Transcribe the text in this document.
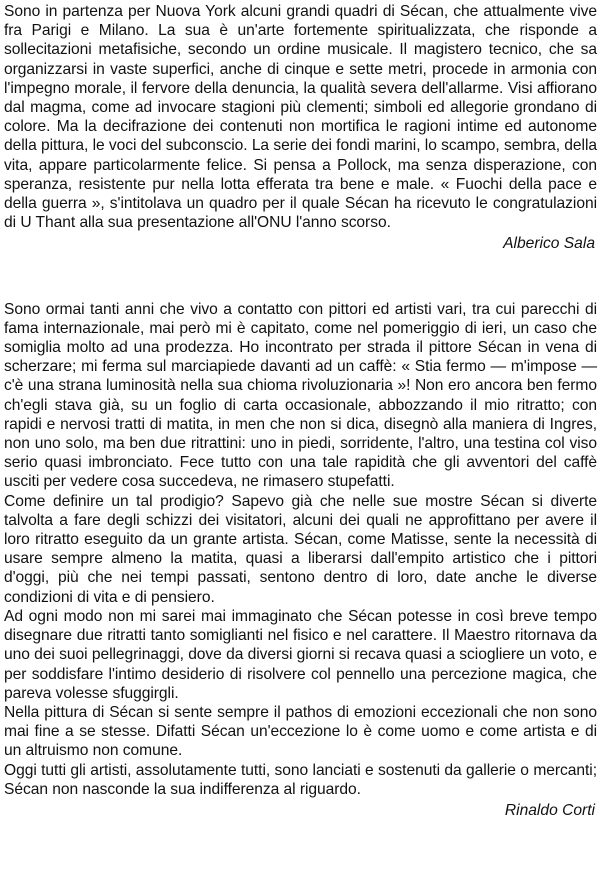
Sono in partenza per Nuova York alcuni grandi quadri di Sécan, che attualmente vive fra Parigi e Milano. La sua è un'arte fortemente spiritualizzata, che risponde a sollecitazioni metafisiche, secondo un ordine musicale. Il magistero tecnico, che sa organizzarsi in vaste superfici, anche di cinque e sette metri, procede in armonia con l'impegno morale, il fervore della denuncia, la qualità severa dell'allarme. Visi affiorano dal magma, come ad invocare stagioni più clementi; simboli ed allegorie grondano di colore. Ma la decifrazione dei contenuti non mortifica le ragioni intime ed autonome della pittura, le voci del subconscio. La serie dei fondi marini, lo scampo, sembra, della vita, appare particolarmente felice. Si pensa a Pollock, ma senza disperazione, con speranza, resistente pur nella lotta efferata tra bene e male. « Fuochi della pace e della guerra », s'intitolava un quadro per il quale Sécan ha ricevuto le congratulazioni di U Thant alla sua presentazione all'ONU l'anno scorso.

Alberico Sala

Sono ormai tanti anni che vivo a contatto con pittori ed artisti vari, tra cui parecchi di fama internazionale, mai però mi è capitato, come nel pomeriggio di ieri, un caso che somiglia molto ad una prodezza. Ho incontrato per strada il pittore Sécan in vena di scherzare; mi ferma sul marciapiede davanti ad un caffè: « Stia fermo — m'impose — c'è una strana luminosità nella sua chioma rivoluzionaria »! Non ero ancora ben fermo ch'egli stava già, su un foglio di carta occasionale, abbozzando il mio ritratto; con rapidi e nervosi tratti di matita, in men che non si dica, disegnò alla maniera di Ingres, non uno solo, ma ben due ritrattini: uno in piedi, sorridente, l'altro, una testina col viso serio quasi imbronciato. Fece tutto con una tale rapidità che gli avventori del caffè usciti per vedere cosa succedeva, ne rimasero stupefatti.

Come definire un tal prodigio? Sapevo già che nelle sue mostre Sécan si diverte talvolta a fare degli schizzi dei visitatori, alcuni dei quali ne approfittano per avere il loro ritratto eseguito da un grante artista. Sécan, come Matisse, sente la necessità di usare sempre almeno la matita, quasi a liberarsi dall'empito artistico che i pittori d'oggi, più che nei tempi passati, sentono dentro di loro, date anche le diverse condizioni di vita e di pensiero.

Ad ogni modo non mi sarei mai immaginato che Sécan potesse in così breve tempo disegnare due ritratti tanto somiglianti nel fisico e nel carattere. Il Maestro ritornava da uno dei suoi pellegrinaggi, dove da diversi giorni si recava quasi a sciogliere un voto, e per soddisfare l'intimo desiderio di risolvere col pennello una percezione magica, che pareva volesse sfuggirgli.

Nella pittura di Sécan si sente sempre il pathos di emozioni eccezionali che non sono mai fine a se stesse. Difatti Sécan un'eccezione lo è come uomo e come artista e di un altruismo non comune.

Oggi tutti gli artisti, assolutamente tutti, sono lanciati e sostenuti da gallerie o mercanti; Sécan non nasconde la sua indifferenza al riguardo.

Rinaldo Corti
